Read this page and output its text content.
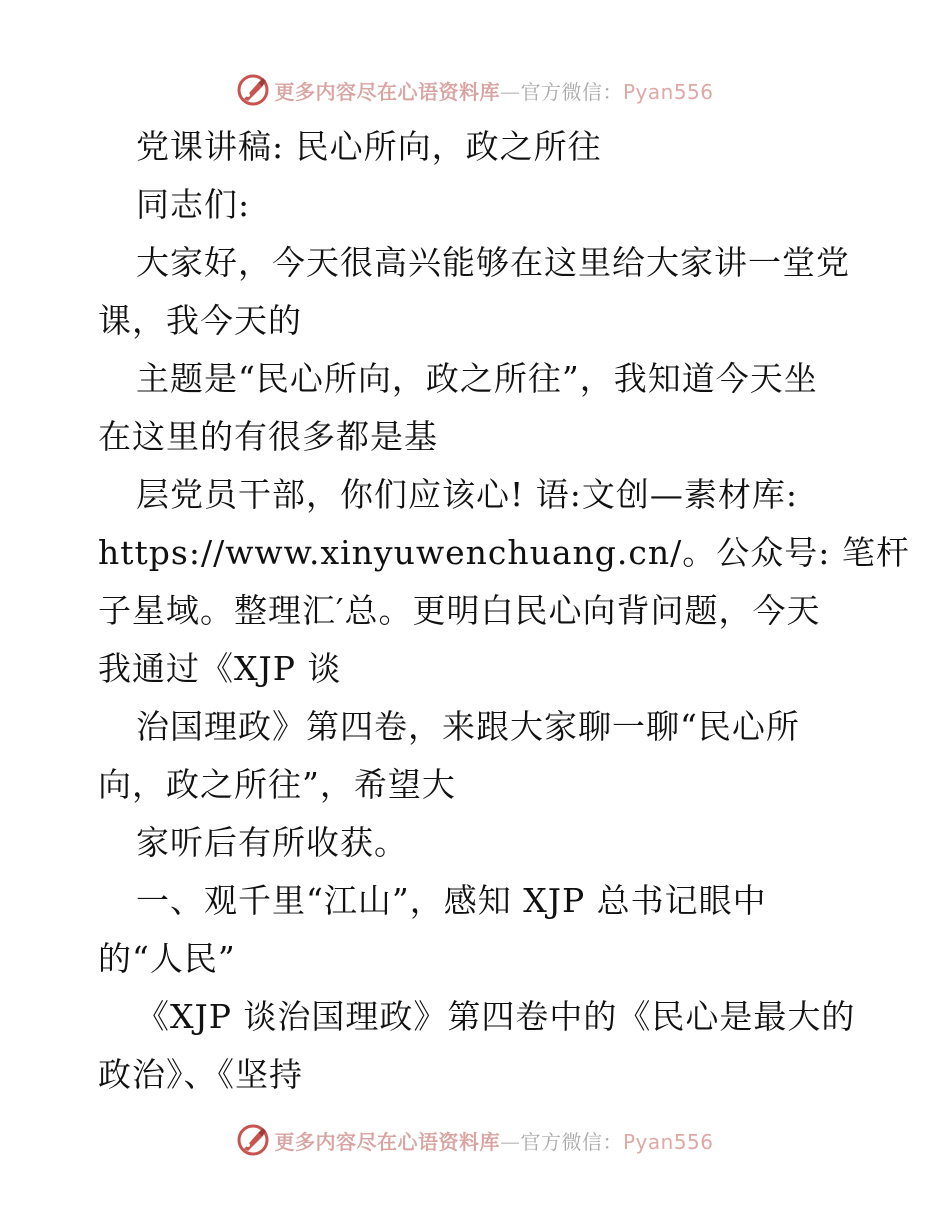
更多内容尽在心语资料库—官方微信：Pyan556
党课讲稿: 民心所向，政之所往
同志们:
大家好，今天很高兴能够在这里给大家讲一堂党
课，我今天的
主题是“民心所向，政之所往”，我知道今天坐
在这里的有很多都是基
层党员干部，你们应该心! 语:文创—素材库:
https://www.xinyuwenchuang.cn/。公众号: 笔杆
子星域。整理汇′总。更明白民心向背问题，今天
我通过《XJP 谈
治国理政》第四卷，来跟大家聊一聊“民心所
向，政之所往”，希望大
家听后有所收获。
一、观千里“江山”，感知 XJP 总书记眼中
的“人民”
《XJP 谈治国理政》第四卷中的《民心是最大的
政治》、《坚持
更多内容尽在心语资料库—官方微信：Pyan556
